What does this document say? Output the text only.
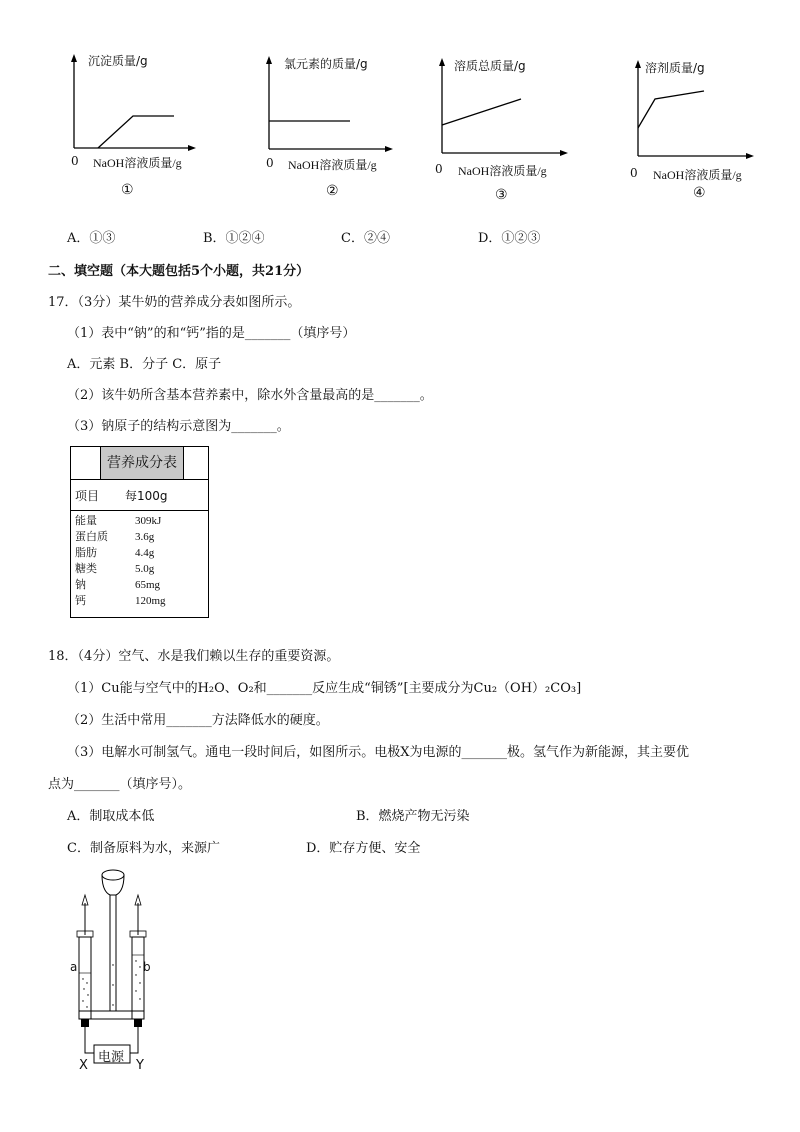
沉淀质量/g
0 NaOH溶液质量/g
①
氯元素的质量/g
0 NaOH溶液质量/g
②
溶质总质量/g
0 NaOH溶液质量/g
③
溶剂质量/g
0 NaOH溶液质量/g
④
A．①③	B．①②④	C．②④	D．①②③
二、填空题（本大题包括5个小题，共21分）
17．（3分）某牛奶的营养成分表如图所示。
（1）表中“钠”的和“钙”指的是_______（填序号）
A．元素 B．分子 C．原子
（2）该牛奶所含基本营养素中，除水外含量最高的是_______。
（3）钠原子的结构示意图为_______。
营养成分表
项目 每100g
能量	309kJ
蛋白质 3.6g
脂肪	4.4g
糖类	5.0g
钠	65mg
钙	120mg
18．（4分）空气、水是我们赖以生存的重要资源。
（1）Cu能与空气中的H₂O、O₂和_______反应生成“铜锈”[主要成分为Cu₂（OH）₂CO₃]
（2）生活中常用_______方法降低水的硬度。
（3）电解水可制氢气。通电一段时间后，如图所示。电极X为电源的_______极。氢气作为新能源，其主要优
点为_______（填序号）。
A．制取成本低	B．燃烧产物无污染
C．制备原料为水，来源广	D．贮存方便、安全
a	b
电源
X	Y
